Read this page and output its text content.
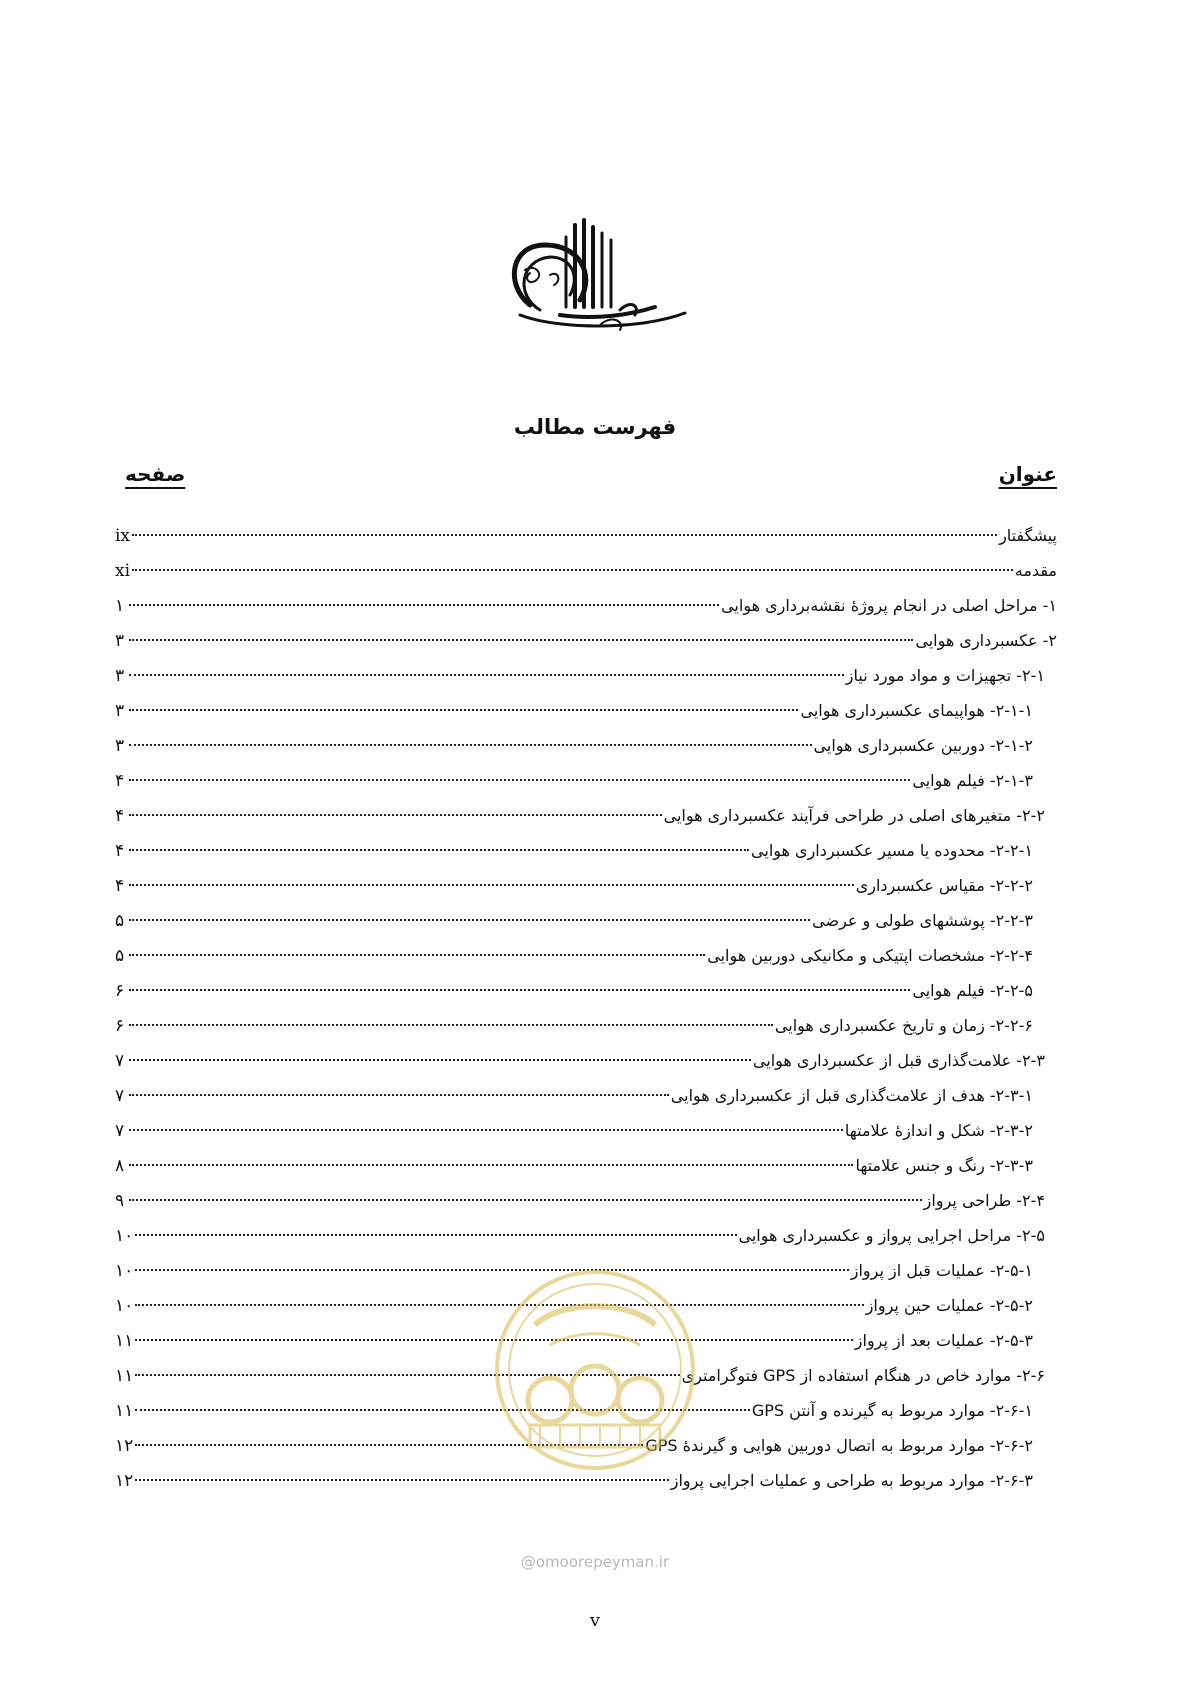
فهرست مطالب
عنوان
صفحه
پیشگفتار
ix
مقدمه
xi
۱- مراحل اصلی در انجام پروژهٔ نقشه‌برداری هوایی
۱
۲- عکسبرداری هوایی
۳
۲-۱- تجهیزات و مواد مورد نیاز
۳
۲-۱-۱- هواپیمای عکسبرداری هوایی
۳
۲-۱-۲- دوربین عکسبرداری هوایی
۳
۲-۱-۳- فیلم هوایی
۴
۲-۲- متغیرهای اصلی در طراحی فرآیند عکسبرداری هوایی
۴
۲-۲-۱- محدوده یا مسیر عکسبرداری هوایی
۴
۲-۲-۲- مقیاس عکسبرداری
۴
۲-۲-۳- پوششهای طولی و عرضی
۵
۲-۲-۴- مشخصات اپتیکی و مکانیکی دوربین هوایی
۵
۲-۲-۵- فیلم هوایی
۶
۲-۲-۶- زمان و تاریخ عکسبرداری هوایی
۶
۲-۳- علامت‌گذاری قبل از عکسبرداری هوایی
۷
۲-۳-۱- هدف از علامت‌گذاری قبل از عکسبرداری هوایی
۷
۲-۳-۲- شکل و اندازهٔ علامتها
۷
۲-۳-۳- رنگ و جنس علامتها
۸
۲-۴- طراحی پرواز
۹
۲-۵- مراحل اجرایی پرواز و عکسبرداری هوایی
۱۰
۲-۵-۱- عملیات قبل از پرواز
۱۰
۲-۵-۲- عملیات حین پرواز
۱۰
۲-۵-۳- عملیات بعد از پرواز
۱۱
۲-۶- موارد خاص در هنگام استفاده از GPS فتوگرامتری
۱۱
۲-۶-۱- موارد مربوط به گیرنده و آنتن GPS
۱۱
۲-۶-۲- موارد مربوط به اتصال دوربین هوایی و گیرندهٔ GPS
۱۲
۲-۶-۳- موارد مربوط به طراحی و عملیات اجرایی پرواز
۱۲
@omoorepeyman.ir
v
